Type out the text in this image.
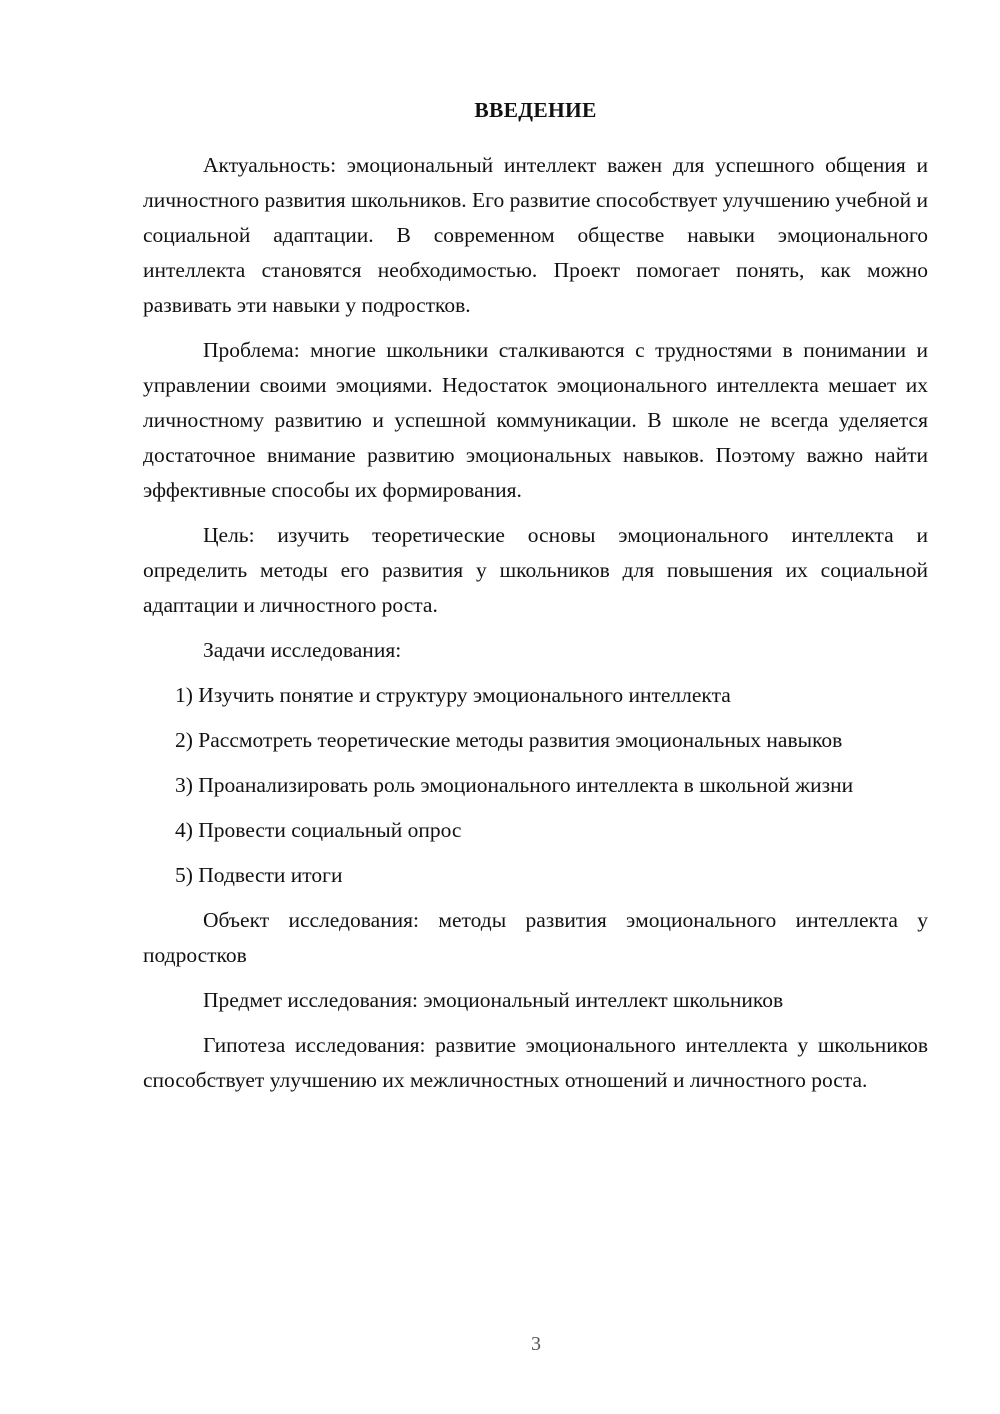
ВВЕДЕНИЕ

Актуальность: эмоциональный интеллект важен для успешного общения и личностного развития школьников. Его развитие способствует улучшению учебной и социальной адаптации. В современном обществе навыки эмоционального интеллекта становятся необходимостью. Проект помогает понять, как можно развивать эти навыки у подростков.

Проблема: многие школьники сталкиваются с трудностями в понимании и управлении своими эмоциями. Недостаток эмоционального интеллекта мешает их личностному развитию и успешной коммуникации. В школе не всегда уделяется достаточное внимание развитию эмоциональных навыков. Поэтому важно найти эффективные способы их формирования.

Цель: изучить теоретические основы эмоционального интеллекта и определить методы его развития у школьников для повышения их социальной адаптации и личностного роста.

Задачи исследования:

1) Изучить понятие и структуру эмоционального интеллекта

2) Рассмотреть теоретические методы развития эмоциональных навыков

3) Проанализировать роль эмоционального интеллекта в школьной жизни

4) Провести социальный опрос

5) Подвести итоги

Объект исследования: методы развития эмоционального интеллекта у подростков

Предмет исследования: эмоциональный интеллект школьников

Гипотеза исследования: развитие эмоционального интеллекта у школьников способствует улучшению их межличностных отношений и личностного роста.

3
